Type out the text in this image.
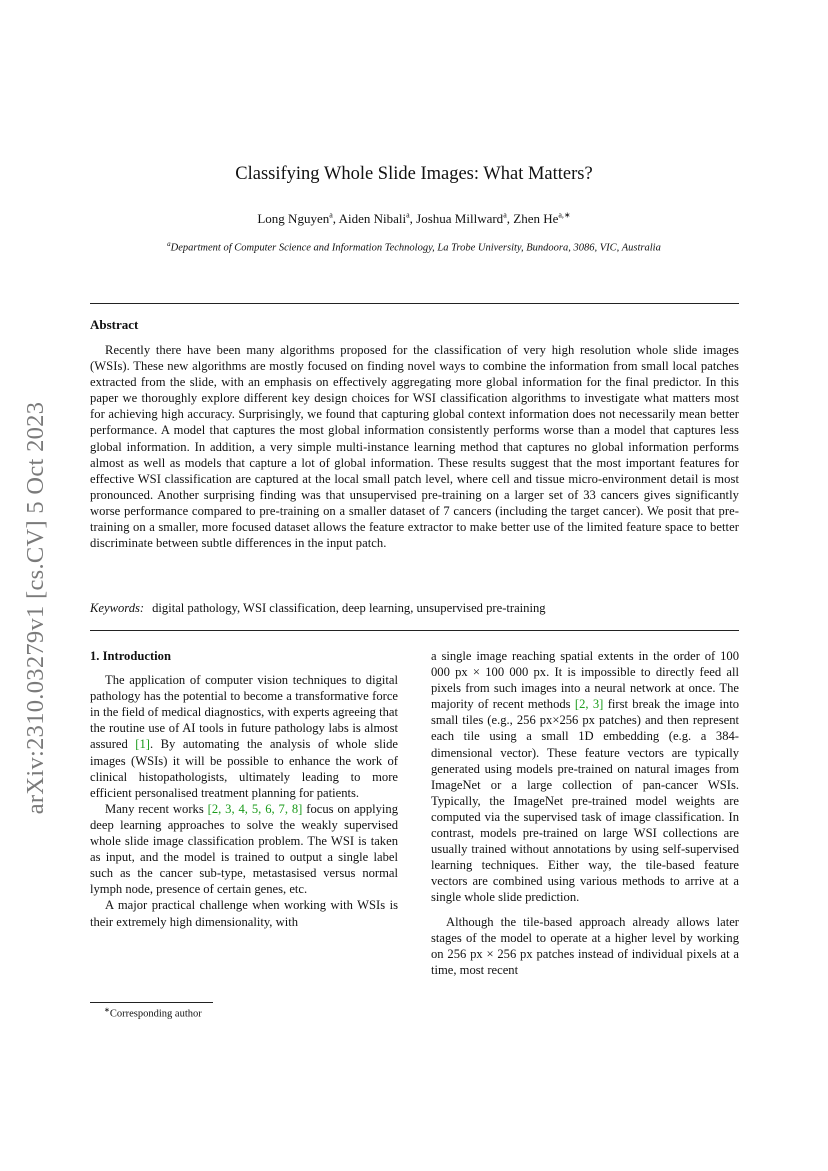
arXiv:2310.03279v1 [cs.CV] 5 Oct 2023
Classifying Whole Slide Images: What Matters?
Long Nguyen$^a$, Aiden Nibali$^a$, Joshua Millward$^a$, Zhen $He^{a,∗}$
$^a$Department of Computer Science and Information Technology, La Trobe University, Bundoora, 3086, VIC, Australia
Abstract
Recently there have been many algorithms proposed for the classification of very high resolution whole slide images (WSIs). These new algorithms are mostly focused on finding novel ways to combine the information from small local patches extracted from the slide, with an emphasis on effectively aggregating more global information for the final predictor. In this paper we thoroughly explore different key design choices for WSI classification algorithms to investigate what matters most for achieving high accuracy. Surprisingly, we found that capturing global context information does not necessarily mean better performance. A model that captures the most global information consistently performs worse than a model that captures less global information. In addition, a very simple multi-instance learning method that captures no global information performs almost as well as models that capture a lot of global information. These results suggest that the most important features for effective WSI classification are captured at the local small patch level, where cell and tissue micro-environment detail is most pronounced. Another surprising finding was that unsupervised pre-training on a larger set of 33 cancers gives significantly worse performance compared to pre-training on a smaller dataset of 7 cancers (including the target cancer). We posit that pre-training on a smaller, more focused dataset allows the feature extractor to make better use of the limited feature space to better discriminate between subtle differences in the input patch.
Keywords: digital pathology, WSI classification, deep learning, unsupervised pre-training
1. Introduction

The application of computer vision techniques to digital pathology has the potential to become a transformative force in the field of medical diagnostics, with experts agreeing that the routine use of AI tools in future pathology labs is almost assured [1]. By automating the analysis of whole slide images (WSIs) it will be possible to enhance the work of clinical histopathologists, ultimately leading to more efficient personalised treatment planning for patients.

Many recent works [2, 3, 4, 5, 6, 7, 8] focus on applying deep learning approaches to solve the weakly supervised whole slide image classification problem. The WSI is taken as input, and the model is trained to output a single label such as the cancer sub-type, metastasised versus normal lymph node, presence of certain genes, etc.

A major practical challenge when working with WSIs is their extremely high dimensionality, with

a single image reaching spatial extents in the order of 100 000 px × 100 000 px. It is impossible to directly feed all pixels from such images into a neural network at once. The majority of recent methods [2, 3] first break the image into small tiles (e.g., 256 px×256 px patches) and then represent each tile using a small 1D embedding (e.g. a 384-dimensional vector). These feature vectors are typically generated using models pre-trained on natural images from ImageNet or a large collection of pan-cancer WSIs. Typically, the ImageNet pre-trained model weights are computed via the supervised task of image classification. In contrast, models pre-trained on large WSI collections are usually trained without annotations by using self-supervised learning techniques. Either way, the tile-based feature vectors are combined using various methods to arrive at a single whole slide prediction.

Although the tile-based approach already allows later stages of the model to operate at a higher level by working on 256 px × 256 px patches instead of individual pixels at a time, most recent

∗Corresponding author
